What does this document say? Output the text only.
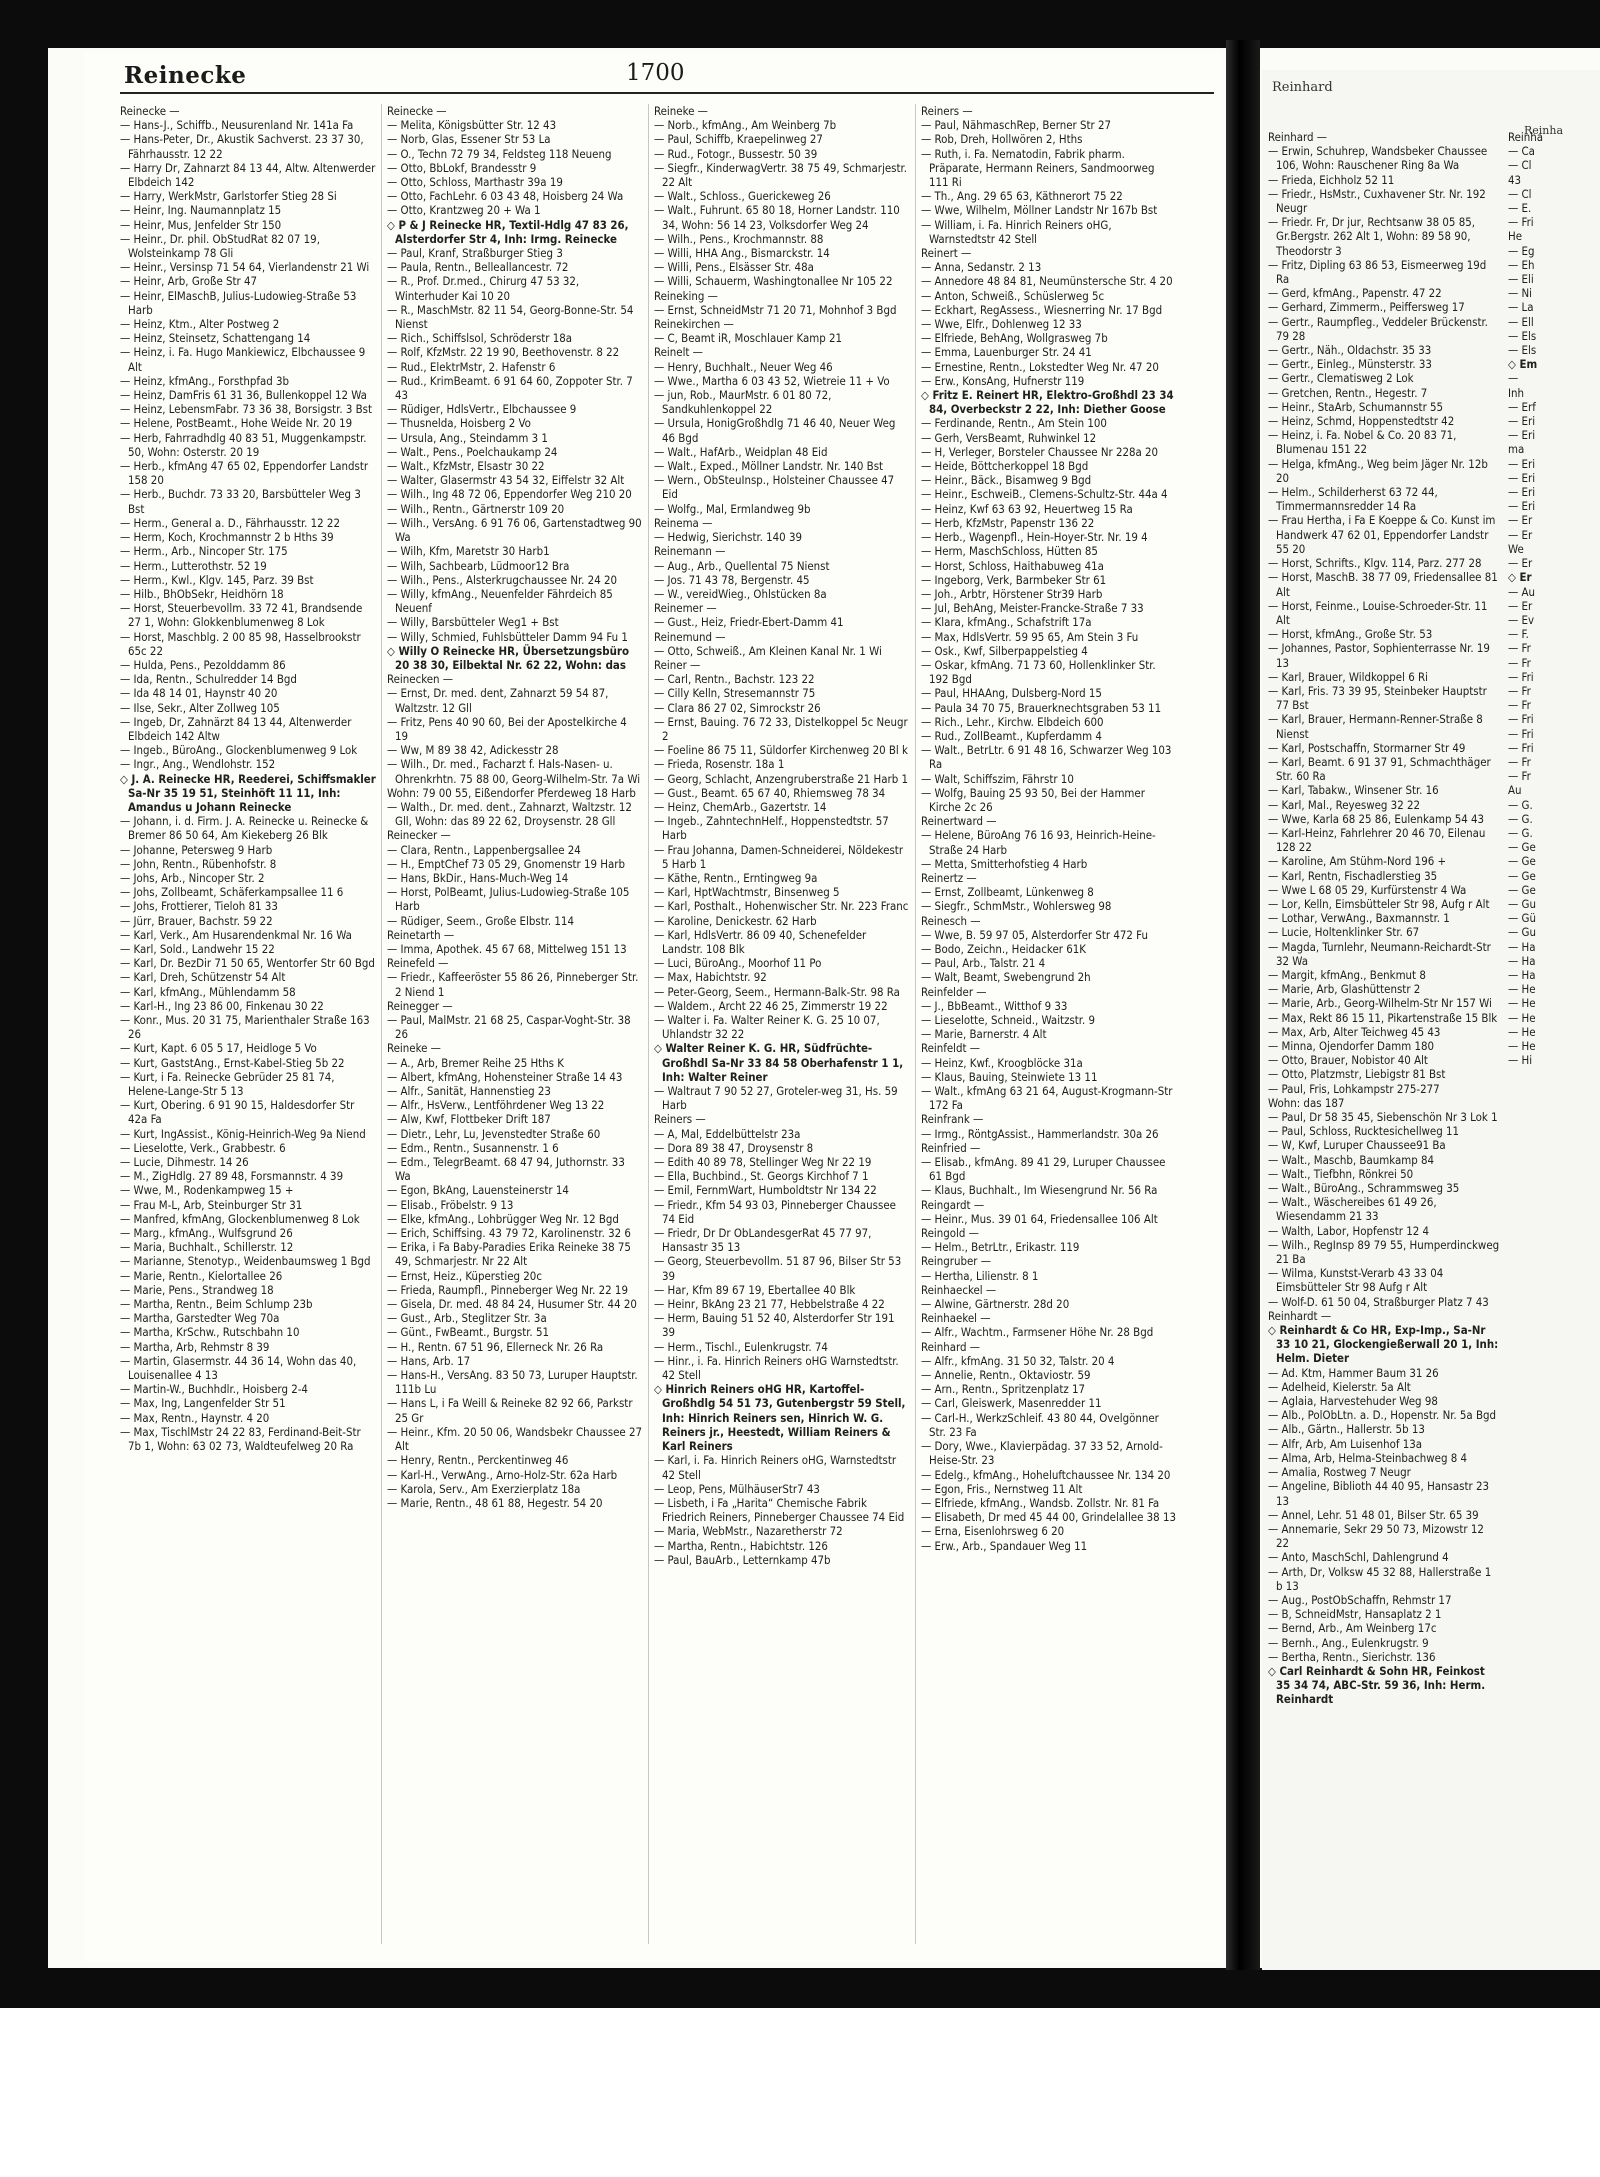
Reinecke	1700

Reinecke —

— Hans-J., Schiffb., Neusurenland Nr. 141a Fa

— Hans-Peter, Dr., Akustik Sachverst. 23 37 30, Fährhausstr. 12 22

— Harry Dr, Zahnarzt 84 13 44, Altw. Altenwerder Elbdeich 142

— Harry, WerkMstr, Garlstorfer Stieg 28 Si

— Heinr, Ing. Naumannplatz 15

— Heinr, Mus, Jenfelder Str 150

— Heinr., Dr. phil. ObStudRat 82 07 19, Wolsteinkamp 78 Gli

— Heinr., Versinsp 71 54 64, Vierlandenstr 21 Wi

— Heinr, Arb, Große Str 47

— Heinr, ElMaschB, Julius-Ludowieg-Straße 53 Harb

— Heinz, Ktm., Alter Postweg 2

— Heinz, Steinsetz, Schattengang 14

— Heinz, i. Fa. Hugo Mankiewicz, Elbchaussee 9 Alt

— Heinz, kfmAng., Forsthpfad 3b

— Heinz, DamFris 61 31 36, Bullenkoppel 12 Wa

— Heinz, LebensmFabr. 73 36 38, Borsigstr. 3 Bst

— Helene, PostBeamt., Hohe Weide Nr. 20 19

— Herb, Fahrradhdlg 40 83 51, Muggenkampstr. 50, Wohn: Osterstr. 20 19

— Herb., kfmAng 47 65 02, Eppendorfer Landstr 158 20

— Herb., Buchdr. 73 33 20, Barsbütteler Weg 3 Bst

— Herm., General a. D., Fährhausstr. 12 22

— Herm, Koch, Krochmannstr 2 b Hths 39

— Herm., Arb., Nincoper Str. 175

— Herm., Lutterothstr. 52 19

— Herm., Kwl., Klgv. 145, Parz. 39 Bst

— Hilb., BhObSekr, Heidhörn 18

— Horst, Steuerbevollm. 33 72 41, Brandsende 27 1, Wohn: Glokkenblumenweg 8 Lok

— Horst, Maschblg. 2 00 85 98, Hasselbrookstr 65c 22

— Hulda, Pens., Pezolddamm 86

— Ida, Rentn., Schulredder 14 Bgd

— Ida 48 14 01, Haynstr 40 20

— Ilse, Sekr., Alter Zollweg 105

— Ingeb, Dr, Zahnärzt 84 13 44, Altenwerder Elbdeich 142 Altw

— Ingeb., BüroAng., Glockenblumenweg 9 Lok

— Ingr., Ang., Wendlohstr. 152

◇ J. A. Reinecke HR, Reederei, Schiffsmakler Sa-Nr 35 19 51, Steinhöft 11 11, Inh: Amandus u Johann Reinecke

— Johann, i. d. Firm. J. A. Reinecke u. Reinecke & Bremer 86 50 64, Am Kiekeberg 26 Blk

— Johanne, Petersweg 9 Harb

— John, Rentn., Rübenhofstr. 8

— Johs, Arb., Nincoper Str. 2

— Johs, Zollbeamt, Schäferkampsallee 11 6

— Johs, Frottierer, Tieloh 81 33

— Jürr, Brauer, Bachstr. 59 22

— Karl, Verk., Am Husarendenkmal Nr. 16 Wa

— Karl, Sold., Landwehr 15 22

— Karl, Dr. BezDir 71 50 65, Wentorfer Str 60 Bgd

— Karl, Dreh, Schützenstr 54 Alt

— Karl, kfmAng., Mühlendamm 58

— Karl-H., Ing 23 86 00, Finkenau 30 22

— Konr., Mus. 20 31 75, Marienthaler Straße 163 26

— Kurt, Kapt. 6 05 5 17, Heidloge 5 Vo

— Kurt, GaststAng., Ernst-Kabel-Stieg 5b 22

— Kurt, i Fa. Reinecke Gebrüder 25 81 74, Helene-Lange-Str 5 13

— Kurt, Obering. 6 91 90 15, Haldesdorfer Str 42a Fa

— Kurt, IngAssist., König-Heinrich-Weg 9a Niend

— Lieselotte, Verk., Grabbestr. 6

— Lucie, Dihmestr. 14 26

— M., ZigHdlg. 27 89 48, Forsmannstr. 4 39

— Wwe, M., Rodenkampweg 15 +

— Frau M-L, Arb, Steinburger Str 31

— Manfred, kfmAng, Glockenblumenweg 8 Lok

— Marg., kfmAng., Wulfsgrund 26

— Maria, Buchhalt., Schillerstr. 12

— Marianne, Stenotyp., Weidenbaumsweg 1 Bgd

— Marie, Rentn., Kielortallee 26

— Marie, Pens., Strandweg 18

— Martha, Rentn., Beim Schlump 23b

— Martha, Garstedter Weg 70a

— Martha, KrSchw., Rutschbahn 10

— Martha, Arb, Rehmstr 8 39

— Martin, Glasermstr. 44 36 14, Wohn das 40, Louisenallee 4 13

— Martin-W., Buchhdlr., Hoisberg 2-4

— Max, Ing, Langenfelder Str 51

— Max, Rentn., Haynstr. 4 20

— Max, TischlMstr 24 22 83, Ferdinand-Beit-Str 7b 1, Wohn: 63 02 73, Waldteufelweg 20 Ra

Reinecke —

— Melita, Königsbütter Str. 12 43

— Norb, Glas, Essener Str 53 La

— O., Techn 72 79 34, Feldsteg 118 Neueng

— Otto, BbLokf, Brandesstr 9

— Otto, Schloss, Marthastr 39a 19

— Otto, FachLehr. 6 03 43 48, Hoisberg 24 Wa

— Otto, Krantzweg 20 + Wa 1

◇ P & J Reinecke HR, Textil-Hdlg 47 83 26, Alsterdorfer Str 4, Inh: Irmg. Reinecke

— Paul, Kranf, Straßburger Stieg 3

— Paula, Rentn., Belleallancestr. 72

— R., Prof. Dr.med., Chirurg 47 53 32, Winterhuder Kai 10 20

— R., MaschMstr. 82 11 54, Georg-Bonne-Str. 54 Nienst

— Rich., Schiffslsol, Schröderstr 18a

— Rolf, KfzMstr. 22 19 90, Beethovenstr. 8 22

— Rud., ElektrMstr, 2. Hafenstr 6

— Rud., KrimBeamt. 6 91 64 60, Zoppoter Str. 7 43

— Rüdiger, HdlsVertr., Elbchaussee 9

— Thusnelda, Hoisberg 2 Vo

— Ursula, Ang., Steindamm 3 1

— Walt., Pens., Poelchaukamp 24

— Walt., KfzMstr, Elsastr 30 22

— Walter, Glasermstr 43 54 32, Eiffelstr 32 Alt

— Wilh., Ing 48 72 06, Eppendorfer Weg 210 20

— Wilh., Rentn., Gärtnerstr 109 20

— Wilh., VersAng. 6 91 76 06, Gartenstadtweg 90 Wa

— Wilh, Kfm, Maretstr 30 Harb1

— Wilh, Sachbearb, Lüdmoor12 Bra

— Wilh., Pens., Alsterkrugchaussee Nr. 24 20

— Willy, kfmAng., Neuenfelder Fährdeich 85 Neuenf

— Willy, Barsbütteler Weg1 + Bst

— Willy, Schmied, Fuhlsbütteler Damm 94 Fu 1

◇ Willy O Reinecke HR, Übersetzungsbüro 20 38 30, Eilbektal Nr. 62 22, Wohn: das

Reinecken —

— Ernst, Dr. med. dent, Zahnarzt 59 54 87, Waltzstr. 12 Gll

— Fritz, Pens 40 90 60, Bei der Apostelkirche 4 19

— Ww, M 89 38 42, Adickesstr 28

— Wilh., Dr. med., Facharzt f. Hals-Nasen- u. Ohrenkrhtn. 75 88 00, Georg-Wilhelm-Str. 7a Wi

Wohn: 79 00 55, Eißendorfer Pferdeweg 18 Harb

— Walth., Dr. med. dent., Zahnarzt, Waltzstr. 12 Gll, Wohn: das 89 22 62, Droysenstr. 28 Gll

Reinecker —

— Clara, Rentn., Lappenbergsallee 24

— H., EmptChef 73 05 29, Gnomenstr 19 Harb

— Hans, BkDir., Hans-Much-Weg 14

— Horst, PolBeamt, Julius-Ludowieg-Straße 105 Harb

— Rüdiger, Seem., Große Elbstr. 114

Reinetarth —

— Imma, Apothek. 45 67 68, Mittelweg 151 13

Reinefeld —

— Friedr., Kaffeeröster 55 86 26, Pinneberger Str. 2 Niend 1

Reinegger —

— Paul, MalMstr. 21 68 25, Caspar-Voght-Str. 38 26

Reineke —

— A., Arb, Bremer Reihe 25 Hths K

— Albert, kfmAng, Hohensteiner Straße 14 43

— Alfr., Sanität, Hannenstieg 23

— Alfr., HsVerw., Lentföhrdener Weg 13 22

— Alw, Kwf, Flottbeker Drift 187

— Dietr., Lehr, Lu, Jevenstedter Straße 60

— Edm., Rentn., Susannenstr. 1 6

— Edm., TelegrBeamt. 68 47 94, Juthornstr. 33 Wa

— Egon, BkAng, Lauensteinerstr 14

— Elisab., Fröbelstr. 9 13

— Elke, kfmAng., Lohbrügger Weg Nr. 12 Bgd

— Erich, Schiffsing. 43 79 72, Karolinenstr. 32 6

— Erika, i Fa Baby-Paradies Erika Reineke 38 75 49, Schmarjestr. Nr 22 Alt

— Ernst, Heiz., Küperstieg 20c

— Frieda, Raumpfl., Pinneberger Weg Nr. 22 19

— Gisela, Dr. med. 48 84 24, Husumer Str. 44 20

— Gust., Arb., Steglitzer Str. 3a

— Günt., FwBeamt., Burgstr. 51

— H., Rentn. 67 51 96, Ellerneck Nr. 26 Ra

— Hans, Arb. 17

— Hans-H., VersAng. 83 50 73, Luruper Hauptstr. 111b Lu

— Hans L, i Fa Weill & Reineke 82 92 66, Parkstr 25 Gr

— Heinr., Kfm. 20 50 06, Wandsbekr Chaussee 27 Alt

— Henry, Rentn., Perckentinweg 46

— Karl-H., VerwAng., Arno-Holz-Str. 62a Harb

— Karola, Serv., Am Exerzierplatz 18a

— Marie, Rentn., 48 61 88, Hegestr. 54 20

Reineke —

— Norb., kfmAng., Am Weinberg 7b

— Paul, Schiffb, Kraepelinweg 27

— Rud., Fotogr., Bussestr. 50 39

— Siegfr., KinderwagVertr. 38 75 49, Schmarjestr. 22 Alt

— Walt., Schloss., Guerickeweg 26

— Walt., Fuhrunt. 65 80 18, Horner Landstr. 110 34, Wohn: 56 14 23, Volksdorfer Weg 24

— Wilh., Pens., Krochmannstr. 88

— Willi, HHA Ang., Bismarckstr. 14

— Willi, Pens., Elsässer Str. 48a

— Willi, Schauerm, Washingtonallee Nr 105 22

Reineking —

— Ernst, SchneidMstr 71 20 71, Mohnhof 3 Bgd

Reinekirchen —

— C, Beamt iR, Moschlauer Kamp 21

Reinelt —

— Henry, Buchhalt., Neuer Weg 46

— Wwe., Martha 6 03 43 52, Wietreie 11 + Vo

— jun, Rob., MaurMstr. 6 01 80 72, Sandkuhlenkoppel 22

— Ursula, HonigGroßhdlg 71 46 40, Neuer Weg 46 Bgd

— Walt., HafArb., Weidplan 48 Eid

— Walt., Exped., Möllner Landstr. Nr. 140 Bst

— Wern., ObSteuInsp., Holsteiner Chaussee 47 Eid

— Wolfg., Mal, Ermlandweg 9b

Reinema —

— Hedwig, Sierichstr. 140 39

Reinemann —

— Aug., Arb., Quellental 75 Nienst

— Jos. 71 43 78, Bergenstr. 45

— W., vereidWieg., Ohlstücken 8a

Reinemer —

— Gust., Heiz, Friedr-Ebert-Damm 41

Reinemund —

— Otto, Schweiß., Am Kleinen Kanal Nr. 1 Wi

Reiner —

— Carl, Rentn., Bachstr. 123 22

— Cilly Kelln, Stresemannstr 75

— Clara 86 27 02, Simrockstr 26

— Ernst, Bauing. 76 72 33, Distelkoppel 5c Neugr 2

— Foeline 86 75 11, Süldorfer Kirchenweg 20 Bl k

— Frieda, Rosenstr. 18a 1

— Georg, Schlacht, Anzengruberstraße 21 Harb 1

— Gust., Beamt. 65 67 40, Rhiemsweg 78 34

— Heinz, ChemArb., Gazertstr. 14

— Ingeb., ZahntechnHelf., Hoppenstedtstr. 57 Harb

— Frau Johanna, Damen-Schneiderei, Nöldekestr 5 Harb 1

— Käthe, Rentn., Erntingweg 9a

— Karl, HptWachtmstr, Binsenweg 5

— Karl, Posthalt., Hohenwischer Str. Nr. 223 Franc

— Karoline, Denickestr. 62 Harb

— Karl, HdlsVertr. 86 09 40, Schenefelder Landstr. 108 Blk

— Luci, BüroAng., Moorhof 11 Po

— Max, Habichtstr. 92

— Peter-Georg, Seem., Hermann-Balk-Str. 98 Ra

— Waldem., Archt 22 46 25, Zimmerstr 19 22

— Walter i. Fa. Walter Reiner K. G. 25 10 07, Uhlandstr 32 22

◇ Walter Reiner K. G. HR, Südfrüchte-Großhdl Sa-Nr 33 84 58 Oberhafenstr 1 1, Inh: Walter Reiner

— Waltraut 7 90 52 27, Groteler-weg 31, Hs. 59 Harb

Reiners —

— A, Mal, Eddelbüttelstr 23a

— Dora 89 38 47, Droysenstr 8

— Edith 40 89 78, Stellinger Weg Nr 22 19

— Ella, Buchbind., St. Georgs Kirchhof 7 1

— Emil, FernmWart, Humboldtstr Nr 134 22

— Friedr., Kfm 54 93 03, Pinneberger Chaussee 74 Eid

— Friedr, Dr Dr ObLandesgerRat 45 77 97, Hansastr 35 13

— Georg, Steuerbevollm. 51 87 96, Bilser Str 53 39

— Har, Kfm 89 67 19, Ebertallee 40 Blk

— Heinr, BkAng 23 21 77, Hebbelstraße 4 22

— Herm, Bauing 51 52 40, Alsterdorfer Str 191 39

— Herm., Tischl., Eulenkrugstr. 74

— Hinr., i. Fa. Hinrich Reiners oHG Warnstedtstr. 42 Stell

◇ Hinrich Reiners oHG HR, Kartoffel-Großhdlg 54 51 73, Gutenbergstr 59 Stell, Inh: Hinrich Reiners sen, Hinrich W. G. Reiners jr., Heestedt, William Reiners & Karl Reiners

— Karl, i. Fa. Hinrich Reiners oHG, Warnstedtstr 42 Stell

— Leop, Pens, MülhäuserStr7 43

— Lisbeth, i Fa „Harita“ Chemische Fabrik Friedrich Reiners, Pinneberger Chaussee 74 Eid

— Maria, WebMstr., Nazaretherstr 72

— Martha, Rentn., Habichtstr. 126

— Paul, BauArb., Letternkamp 47b

Reiners —

— Paul, NähmaschRep, Berner Str 27

— Rob, Dreh, Hollwören 2, Hths

— Ruth, i. Fa. Nematodin, Fabrik pharm. Präparate, Hermann Reiners, Sandmoorweg 111 Ri

— Th., Ang. 29 65 63, Käthnerort 75 22

— Wwe, Wilhelm, Möllner Landstr Nr 167b Bst

— William, i. Fa. Hinrich Reiners oHG, Warnstedtstr 42 Stell

Reinert —

— Anna, Sedanstr. 2 13

— Annedore 48 84 81, Neumünstersche Str. 4 20

— Anton, Schweiß., Schüslerweg 5c

— Eckhart, RegAssess., Wiesnerring Nr. 17 Bgd

— Wwe, Elfr., Dohlenweg 12 33

— Elfriede, BehAng, Wollgrasweg 7b

— Emma, Lauenburger Str. 24 41

— Ernestine, Rentn., Lokstedter Weg Nr. 47 20

— Erw., KonsAng, Hufnerstr 119

◇ Fritz E. Reinert HR, Elektro-Großhdl 23 34 84, Overbeckstr 2 22, Inh: Diether Goose

— Ferdinande, Rentn., Am Stein 100

— Gerh, VersBeamt, Ruhwinkel 12

— H, Verleger, Borsteler Chaussee Nr 228a 20

— Heide, Böttcherkoppel 18 Bgd

— Heinr., Bäck., Bisamweg 9 Bgd

— Heinr., EschweiB., Clemens-Schultz-Str. 44a 4

— Heinz, Kwf 63 63 92, Heuertweg 15 Ra

— Herb, KfzMstr, Papenstr 136 22

— Herb., Wagenpfl., Hein-Hoyer-Str. Nr. 19 4

— Herm, MaschSchloss, Hütten 85

— Horst, Schloss, Haithabuweg 41a

— Ingeborg, Verk, Barmbeker Str 61

— Joh., Arbtr, Hörstener Str39 Harb

— Jul, BehAng, Meister-Francke-Straße 7 33

— Klara, kfmAng., Schafstrift 17a

— Max, HdlsVertr. 59 95 65, Am Stein 3 Fu

— Osk., Kwf, Silberpappelstieg 4

— Oskar, kfmAng. 71 73 60, Hollenklinker Str. 192 Bgd

— Paul, HHAAng, Dulsberg-Nord 15

— Paula 34 70 75, Brauerknechtsgraben 53 11

— Rich., Lehr., Kirchw. Elbdeich 600

— Rud., ZollBeamt., Kupferdamm 4

— Walt., BetrLtr. 6 91 48 16, Schwarzer Weg 103 Ra

— Walt, Schiffszim, Fährstr 10

— Wolfg, Bauing 25 93 50, Bei der Hammer Kirche 2c 26

Reinertward —

— Helene, BüroAng 76 16 93, Heinrich-Heine-Straße 24 Harb

— Metta, Smitterhofstieg 4 Harb

Reinertz —

— Ernst, Zollbeamt, Lünkenweg 8

— Siegfr., SchmMstr., Wohlersweg 98

Reinesch —

— Wwe, B. 59 97 05, Alsterdorfer Str 472 Fu

— Bodo, Zeichn., Heidacker 61K

— Paul, Arb., Talstr. 21 4

— Walt, Beamt, Swebengrund 2h

Reinfelder —

— J., BbBeamt., Witthof 9 33

— Lieselotte, Schneid., Waitzstr. 9

— Marie, Barnerstr. 4 Alt

Reinfeldt —

— Heinz, Kwf., Kroogblöcke 31a

— Klaus, Bauing, Steinwiete 13 11

— Walt., kfmAng 63 21 64, August-Krogmann-Str 172 Fa

Reinfrank —

— Irmg., RöntgAssist., Hammerlandstr. 30a 26

Reinfried —

— Elisab., kfmAng. 89 41 29, Luruper Chaussee 61 Bgd

— Klaus, Buchhalt., Im Wiesengrund Nr. 56 Ra

Reingardt —

— Heinr., Mus. 39 01 64, Friedensallee 106 Alt

Reingold —

— Helm., BetrLtr., Erikastr. 119

Reingruber —

— Hertha, Lilienstr. 8 1

Reinhaeckel —

— Alwine, Gärtnerstr. 28d 20

Reinhaekel —

— Alfr., Wachtm., Farmsener Höhe Nr. 28 Bgd

Reinhard —

— Alfr., kfmAng. 31 50 32, Talstr. 20 4

— Annelie, Rentn., Oktaviostr. 59

— Arn., Rentn., Spritzenplatz 17

— Carl, Gleiswerk, Masenredder 11

— Carl-H., WerkzSchleif. 43 80 44, Ovelgönner Str. 23 Fa

— Dory, Wwe., Klavierpädag. 37 33 52, Arnold-Heise-Str. 23

— Edelg., kfmAng., Hoheluftchaussee Nr. 134 20

— Egon, Fris., Nernstweg 11 Alt

— Elfriede, kfmAng., Wandsb. Zollstr. Nr. 81 Fa

— Elisabeth, Dr med 45 44 00, Grindelallee 38 13

— Erna, Eisenlohrsweg 6 20

— Erw., Arb., Spandauer Weg 11

Reinhard
Reinha

Reinhard —

— Erwin, Schuhrep, Wandsbeker Chaussee 106, Wohn: Rauschener Ring 8a Wa

— Frieda, Eichholz 52 11

— Friedr., HsMstr., Cuxhavener Str. Nr. 192 Neugr

— Friedr. Fr, Dr jur, Rechtsanw 38 05 85, Gr.Bergstr. 262 Alt 1, Wohn: 89 58 90, Theodorstr 3

— Fritz, Dipling 63 86 53, Eismeerweg 19d Ra

— Gerd, kfmAng., Papenstr. 47 22

— Gerhard, Zimmerm., Peiffersweg 17

— Gertr., Raumpfleg., Veddeler Brückenstr. 79 28

— Gertr., Näh., Oldachstr. 35 33

— Gertr., Einleg., Münsterstr. 33

— Gertr., Clematisweg 2 Lok

— Gretchen, Rentn., Hegestr. 7

— Heinr., StaArb, Schumannstr 55

— Heinz, Schmd, Hoppenstedtstr 42

— Heinz, i. Fa. Nobel & Co. 20 83 71, Blumenau 151 22

— Helga, kfmAng., Weg beim Jäger Nr. 12b 20

— Helm., Schilderherst 63 72 44, Timmermannsredder 14 Ra

— Frau Hertha, i Fa E Koeppe & Co. Kunst im Handwerk 47 62 01, Eppendorfer Landstr 55 20

— Horst, Schrifts., Klgv. 114, Parz. 277 28

— Horst, MaschB. 38 77 09, Friedensallee 81 Alt

— Horst, Feinme., Louise-Schroeder-Str. 11 Alt

— Horst, kfmAng., Große Str. 53

— Johannes, Pastor, Sophienterrasse Nr. 19 13

— Karl, Brauer, Wildkoppel 6 Ri

— Karl, Fris. 73 39 95, Steinbeker Hauptstr 77 Bst

— Karl, Brauer, Hermann-Renner-Straße 8 Nienst

— Karl, Postschaffn, Stormarner Str 49

— Karl, Beamt. 6 91 37 91, Schmachthäger Str. 60 Ra

— Karl, Tabakw., Winsener Str. 16

— Karl, Mal., Reyesweg 32 22

— Wwe, Karla 68 25 86, Eulenkamp 54 43

— Karl-Heinz, Fahrlehrer 20 46 70, Eilenau 128 22

— Karoline, Am Stühm-Nord 196 +

— Karl, Rentn, Fischadlerstieg 35

— Wwe L 68 05 29, Kurfürstenstr 4 Wa

— Lor, Kelln, Eimsbütteler Str 98, Aufg r Alt

— Lothar, VerwAng., Baxmannstr. 1

— Lucie, Holtenklinker Str. 67

— Magda, Turnlehr, Neumann-Reichardt-Str 32 Wa

— Margit, kfmAng., Benkmut 8

— Marie, Arb, Glashüttenstr 2

— Marie, Arb., Georg-Wilhelm-Str Nr 157 Wi

— Max, Rekt 86 15 11, Pikartenstraße 15 Blk

— Max, Arb, Alter Teichweg 45 43

— Minna, Ojendorfer Damm 180

— Otto, Brauer, Nobistor 40 Alt

— Otto, Platzmstr, Liebigstr 81 Bst

— Paul, Fris, Lohkampstr 275-277

Wohn: das 187

— Paul, Dr 58 35 45, Siebenschön Nr 3 Lok 1

— Paul, Schloss, Rucktesichellweg 11

— W, Kwf, Luruper Chaussee91 Ba

— Walt., Maschb, Baumkamp 84

— Walt., Tiefbhn, Rönkrei 50

— Walt., BüroAng., Schrammsweg 35

— Walt., Wäschereibes 61 49 26, Wiesendamm 21 33

— Walth, Labor, Hopfenstr 12 4

— Wilh., RegInsp 89 79 55, Humperdinckweg 21 Ba

— Wilma, Kunstst-Verarb 43 33 04 Eimsbütteler Str 98 Aufg r Alt

— Wolf-D. 61 50 04, Straßburger Platz 7 43

Reinhardt —

◇ Reinhardt & Co HR, Exp-Imp., Sa-Nr 33 10 21, Glockengießerwall 20 1, Inh: Helm. Dieter

— Ad. Ktm, Hammer Baum 31 26

— Adelheid, Kielerstr. 5a Alt

— Aglaia, Harvestehuder Weg 98

— Alb., PolObLtn. a. D., Hopenstr. Nr. 5a Bgd

— Alb., Gärtn., Hallerstr. 5b 13

— Alfr, Arb, Am Luisenhof 13a

— Alma, Arb, Helma-Steinbachweg 8 4

— Amalia, Rostweg 7 Neugr

— Angeline, Biblioth 44 40 95, Hansastr 23 13

— Annel, Lehr. 51 48 01, Bilser Str. 65 39

— Annemarie, Sekr 29 50 73, Mizowstr 12 22

— Anto, MaschSchl, Dahlengrund 4

— Arth, Dr, Volksw 45 32 88, Hallerstraße 1 b 13

— Aug., PostObSchaffn, Rehmstr 17

— B, SchneidMstr, Hansaplatz 2 1

— Bernd, Arb., Am Weinberg 17c

— Bernh., Ang., Eulenkrugstr. 9

— Bertha, Rentn., Sierichstr. 136

◇ Carl Reinhardt & Sohn HR, Feinkost 35 34 74, ABC-Str. 59 36, Inh: Herm. Reinhardt

Reinha

— Ca

— Cl

43

— Cl

— E.

— Fri

He

— Eg

— Eh

— Eli

— Ni

— La

— Ell

— Els

— Els

◇ Em

—

Inh

— Erf

— Eri

— Eri

ma

— Eri

— Eri

— Eri

— Eri

— Er

— Er

We

— Er

◇ Er

— Au

— Er

— Ev

— F.

— Fr

— Fr

— Fri

— Fr

— Fr

— Fri

— Fri

— Fri

— Fr

— Fr

Au

— G.

— G.

— G.

— Ge

— Ge

— Ge

— Ge

— Gu

— Gü

— Gu

— Ha

— Ha

— Ha

— He

— He

— He

— He

— He

— Hi
